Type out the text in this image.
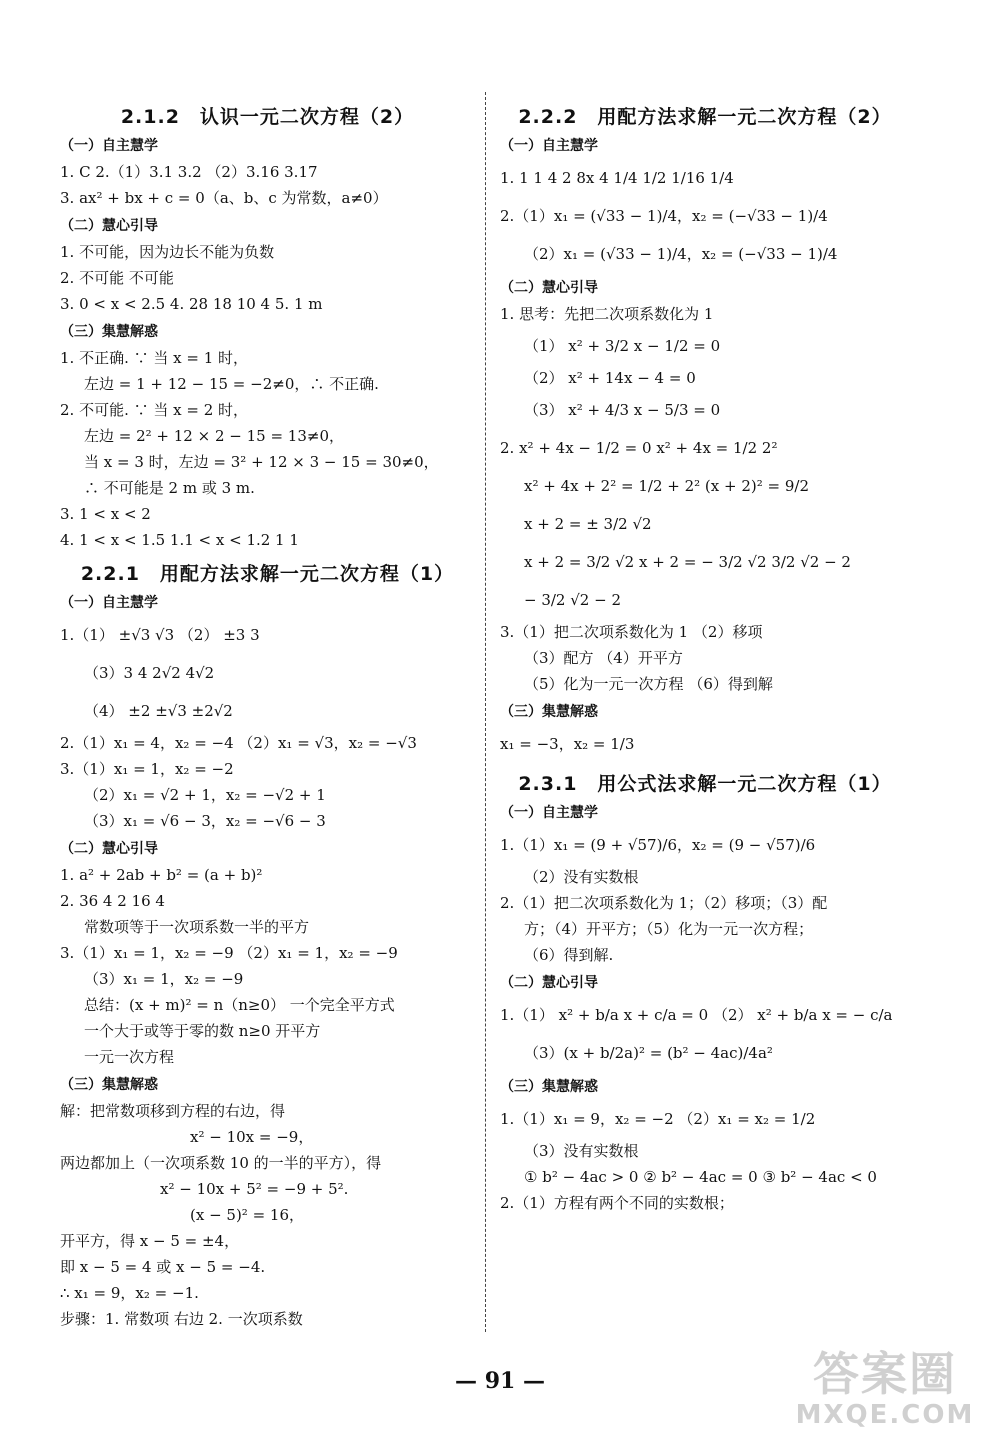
2.1.2　认识一元二次方程（2）
（一）自主慧学
1. C 2.（1）3.1 3.2 （2）3.16 3.17
3. ax² + bx + c = 0（a、b、c 为常数，a≠0）
（二）慧心引导
1. 不可能，因为边长不能为负数
2. 不可能 不可能
3. 0 < x < 2.5 4. 28 18 10 4 5. 1 m
（三）集慧解惑
1. 不正确. ∵ 当 x = 1 时，
左边 = 1 + 12 − 15 = −2≠0，∴ 不正确.
2. 不可能. ∵ 当 x = 2 时，
左边 = 2² + 12 × 2 − 15 = 13≠0，
当 x = 3 时，左边 = 3² + 12 × 3 − 15 = 30≠0，
∴ 不可能是 2 m 或 3 m.
3. 1 < x < 2
4. 1 < x < 1.5 1.1 < x < 1.2 1 1
2.2.1　用配方法求解一元二次方程（1）
（一）自主慧学
1.（1） ±√3 √3 （2） ±3 3
（3）3 4 2√2 4√2
（4） ±2 ±√3 ±2√2
2.（1）x₁ = 4，x₂ = −4 （2）x₁ = √3，x₂ = −√3
3.（1）x₁ = 1，x₂ = −2
（2）x₁ = √2 + 1，x₂ = −√2 + 1
（3）x₁ = √6 − 3，x₂ = −√6 − 3
（二）慧心引导
1. a² + 2ab + b² = (a + b)²
2. 36 4 2 16 4
常数项等于一次项系数一半的平方
3.（1）x₁ = 1，x₂ = −9 （2）x₁ = 1，x₂ = −9
（3）x₁ = 1，x₂ = −9
总结：(x + m)² = n（n≥0） 一个完全平方式
一个大于或等于零的数 n≥0 开平方
一元一次方程
（三）集慧解惑
解：把常数项移到方程的右边，得
x² − 10x = −9，
两边都加上（一次项系数 10 的一半的平方），得
x² − 10x + 5² = −9 + 5².
(x − 5)² = 16，
开平方，得 x − 5 = ±4，
即 x − 5 = 4 或 x − 5 = −4.
∴ x₁ = 9，x₂ = −1.
步骤：1. 常数项 右边 2. 一次项系数
2.2.2　用配方法求解一元二次方程（2）
（一）自主慧学
1. 1 1 4 2 8x 4 1/4 1/2 1/16 1/4
2.（1）x₁ = (√33 − 1)/4，x₂ = (−√33 − 1)/4
（2）x₁ = (√33 − 1)/4，x₂ = (−√33 − 1)/4
（二）慧心引导
1. 思考：先把二次项系数化为 1
（1） x² + 3/2 x − 1/2 = 0
（2） x² + 14x − 4 = 0
（3） x² + 4/3 x − 5/3 = 0
2. x² + 4x − 1/2 = 0 x² + 4x = 1/2 2²
x² + 4x + 2² = 1/2 + 2² (x + 2)² = 9/2
x + 2 = ± 3/2 √2
x + 2 = 3/2 √2 x + 2 = − 3/2 √2 3/2 √2 − 2
− 3/2 √2 − 2
3.（1）把二次项系数化为 1 （2）移项
（3）配方 （4）开平方
（5）化为一元一次方程 （6）得到解
（三）集慧解惑
x₁ = −3，x₂ = 1/3
2.3.1　用公式法求解一元二次方程（1）
（一）自主慧学
1.（1）x₁ = (9 + √57)/6，x₂ = (9 − √57)/6
（2）没有实数根
2.（1）把二次项系数化为 1；（2）移项；（3）配
方；（4）开平方；（5）化为一元一次方程；
（6）得到解.
（二）慧心引导
1.（1） x² + b/a x + c/a = 0 （2） x² + b/a x = − c/a
（3）(x + b/2a)² = (b² − 4ac)/4a²
（三）集慧解惑
1.（1）x₁ = 9，x₂ = −2 （2）x₁ = x₂ = 1/2
（3）没有实数根
① b² − 4ac > 0 ② b² − 4ac = 0 ③ b² − 4ac < 0
2.（1）方程有两个不同的实数根；
— 91 —	答案圈
MXQE.COM
